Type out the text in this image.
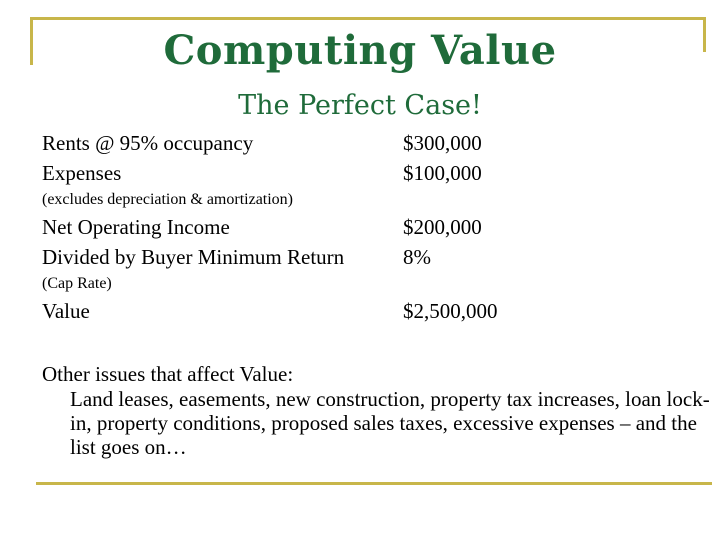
Computing Value
The Perfect Case!
Rents @ 95% occupancy	$300,000
Expenses	$100,000
(excludes depreciation & amortization)
Net Operating Income	$200,000
Divided by Buyer Minimum Return	8%
(Cap Rate)
Value	$2,500,000
Other issues that affect Value:
Land leases, easements, new construction, property tax increases, loan lock-in, property conditions, proposed sales taxes, excessive expenses – and the list goes on…
